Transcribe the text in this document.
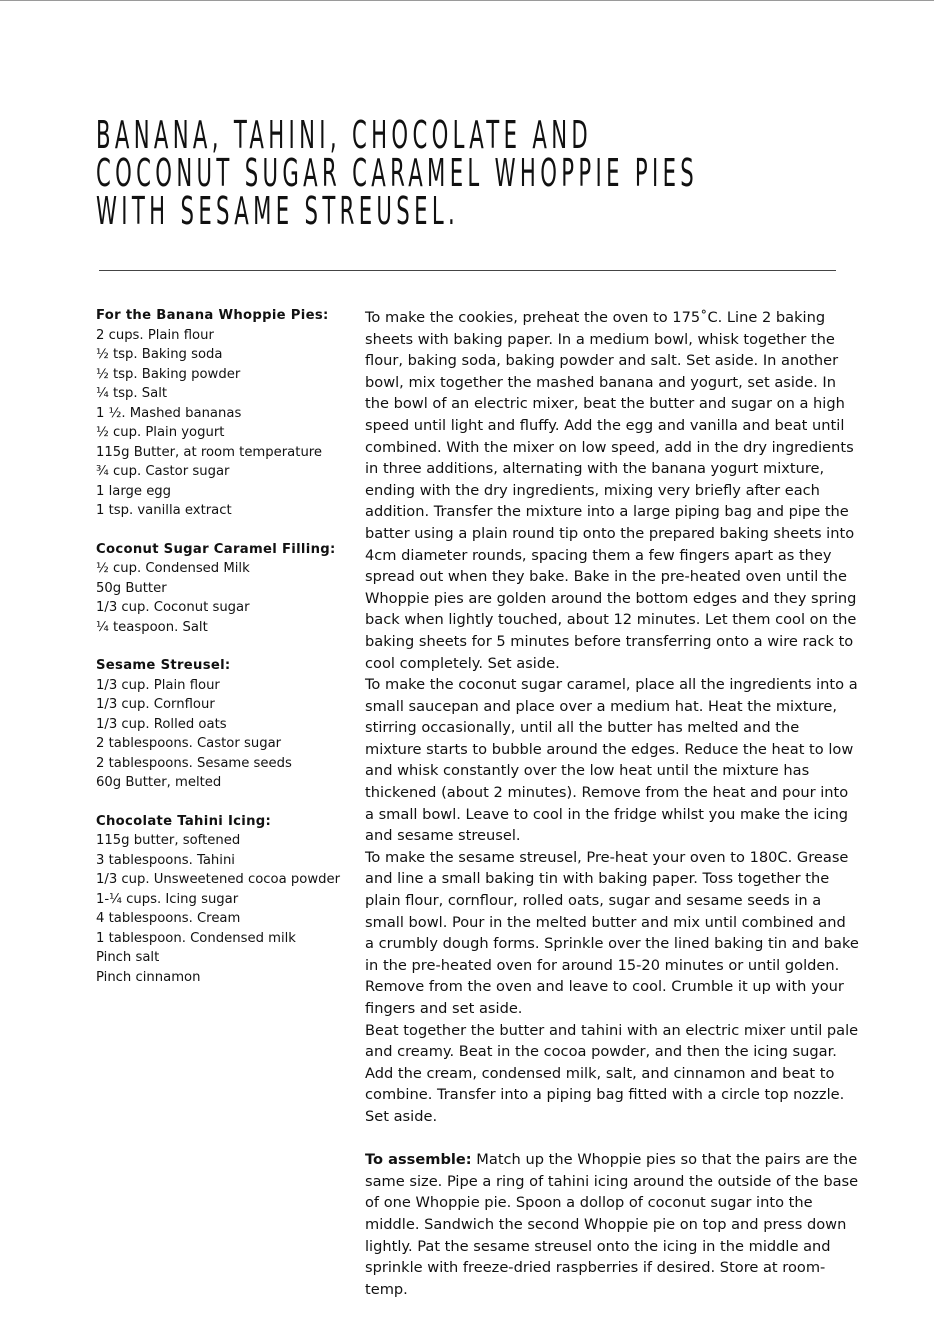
BANANA, TAHINI, CHOCOLATE AND
COCONUT SUGAR CARAMEL WHOPPIE PIES
WITH SESAME STREUSEL.
For the Banana Whoppie Pies:
2 cups. Plain flour
½ tsp. Baking soda
½ tsp. Baking powder
¼ tsp. Salt
1 ½. Mashed bananas
½ cup. Plain yogurt
115g Butter, at room temperature
¾ cup. Castor sugar
1 large egg
1 tsp. vanilla extract
Coconut Sugar Caramel Filling:
½ cup. Condensed Milk
50g Butter
1/3 cup. Coconut sugar
¼ teaspoon. Salt
Sesame Streusel:
1/3 cup. Plain flour
1/3 cup. Cornflour
1/3 cup. Rolled oats
2 tablespoons. Castor sugar
2 tablespoons. Sesame seeds
60g Butter, melted
Chocolate Tahini Icing:
115g butter, softened
3 tablespoons. Tahini
1/3 cup. Unsweetened cocoa powder
1-¼ cups. Icing sugar
4 tablespoons. Cream
1 tablespoon. Condensed milk
Pinch salt
Pinch cinnamon

To make the cookies, preheat the oven to 175˚C. Line 2 baking sheets with baking paper. In a medium bowl, whisk together the flour, baking soda, baking powder and salt. Set aside. In another bowl, mix together the mashed banana and yogurt, set aside. In the bowl of an electric mixer, beat the butter and sugar on a high speed until light and fluffy. Add the egg and vanilla and beat until combined. With the mixer on low speed, add in the dry ingredients in three additions, alternating with the banana yogurt mixture, ending with the dry ingredients, mixing very briefly after each addition. Transfer the mixture into a large piping bag and pipe the batter using a plain round tip onto the prepared baking sheets into 4cm diameter rounds, spacing them a few fingers apart as they spread out when they bake. Bake in the pre-heated oven until the Whoppie pies are golden around the bottom edges and they spring back when lightly touched, about 12 minutes. Let them cool on the baking sheets for 5 minutes before transferring onto a wire rack to cool completely. Set aside.

To make the coconut sugar caramel, place all the ingredients into a small saucepan and place over a medium hat. Heat the mixture, stirring occasionally, until all the butter has melted and the mixture starts to bubble around the edges. Reduce the heat to low and whisk constantly over the low heat until the mixture has thickened (about 2 minutes). Remove from the heat and pour into a small bowl. Leave to cool in the fridge whilst you make the icing and sesame streusel.

To make the sesame streusel, Pre-heat your oven to 180C. Grease and line a small baking tin with baking paper. Toss together the plain flour, cornflour, rolled oats, sugar and sesame seeds in a small bowl. Pour in the melted butter and mix until combined and a crumbly dough forms. Sprinkle over the lined baking tin and bake in the pre-heated oven for around 15-20 minutes or until golden. Remove from the oven and leave to cool. Crumble it up with your fingers and set aside.

Beat together the butter and tahini with an electric mixer until pale and creamy. Beat in the cocoa powder, and then the icing sugar. Add the cream, condensed milk, salt, and cinnamon and beat to combine. Transfer into a piping bag fitted with a circle top nozzle. Set aside.

To assemble: Match up the Whoppie pies so that the pairs are the same size. Pipe a ring of tahini icing around the outside of the base of one Whoppie pie. Spoon a dollop of coconut sugar into the middle. Sandwich the second Whoppie pie on top and press down lightly. Pat the sesame streusel onto the icing in the middle and sprinkle with freeze-dried raspberries if desired. Store at room-temp.
